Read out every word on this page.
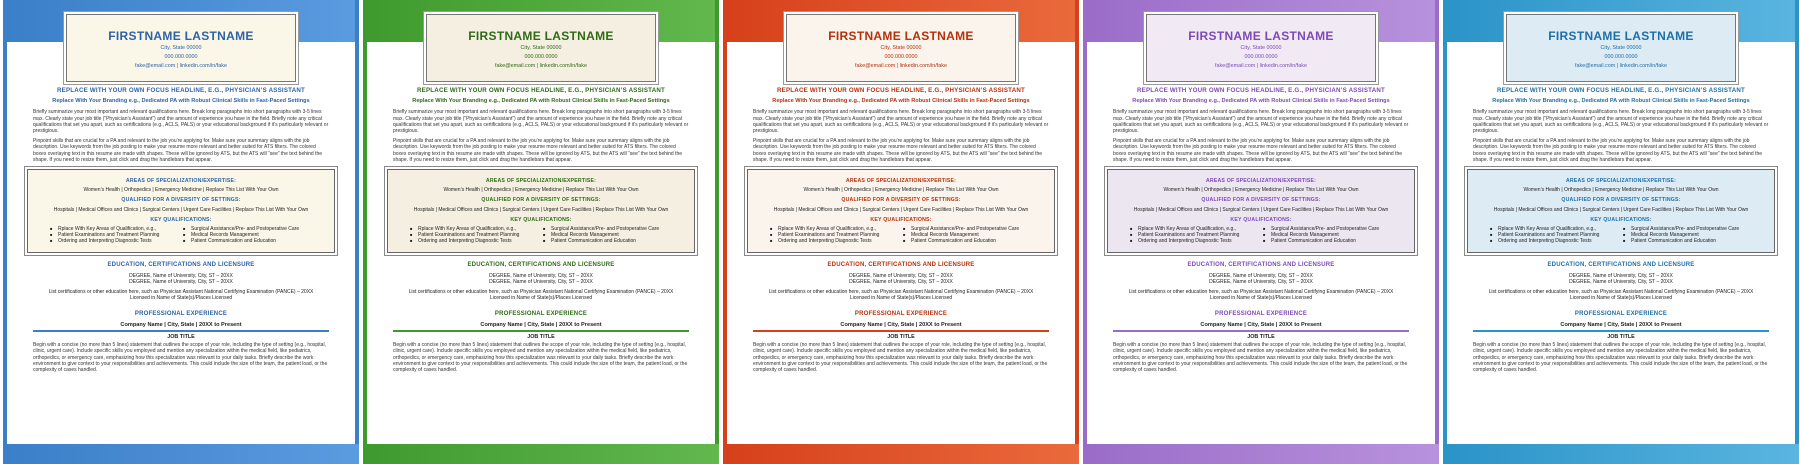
FIRSTNAME LASTNAME
City, State 00000
000.000.0000
fake@email.com | linkedin.com/in/fake
REPLACE WITH YOUR OWN FOCUS HEADLINE, E.G., PHYSICIAN’S ASSISTANT
Replace With Your Branding e.g., Dedicated PA with Robust Clinical Skills in Fast-Paced Settings

Briefly summarize your most important and relevant qualifications here. Break long paragraphs into short paragraphs with 3-5 lines max. Clearly state your job title (“Physician’s Assistant”) and the amount of experience you have in the field. Briefly note any critical qualifications that set you apart, such as certifications (e.g., ACLS, PALS) or your educational background if it’s particularly relevant or prestigious.

Pinpoint skills that are crucial for a PA and relevant to the job you’re applying for. Make sure your summary aligns with the job description. Use keywords from the job posting to make your resume more relevant and better suited for ATS filters. The colored boxes overlaying text in this resume are made with shapes. These will be ignored by ATS, but the ATS will “see” the text behind the shape. If you need to resize them, just click and drag the handlebars that appear.

AREAS OF SPECIALIZATION/EXPERTISE:
Women’s Health | Orthopedics | Emergency Medicine | Replace This List With Your Own
QUALIFIED FOR A DIVERSITY OF SETTINGS:
Hospitals | Medical Offices and Clinics | Surgical Centers | Urgent Care Facilities | Replace This List With Your Own
KEY QUALIFICATIONS:
■ Rplace With Key Areas of Qualification, e.g.,
■ Patient Examinations and Treatment Planning
■ Ordering and Interpreting Diagnostic Tests
■ Surgical Assistance/Pre- and Postoperative Care
■ Medical Records Management
■ Patient Communication and Education
EDUCATION, CERTIFICATIONS AND LICENSURE
DEGREE, Name of University, City, ST – 20XX
DEGREE, Name of University, City, ST – 20XX
List certifications or other education here, such as Physician Assistant National Certifying Examination (PANCE) – 20XX
Licensed in Name of State(s)/Places Licensed
PROFESSIONAL EXPERIENCE
Company Name | City, State | 20XX to Present
JOB TITLE

Begin with a concise (no more than 5 lines) statement that outlines the scope of your role, including the type of setting (e.g., hospital, clinic, urgent care). Include specific skills you employed and mention any specialization within the medical field, like pediatrics, orthopedics, or emergency care, emphasizing how this specialization was relevant to your daily tasks. Briefly describe the work environment to give context to your responsibilities and achievements. This could include the size of the team, the patient load, or the complexity of cases handled.

FIRSTNAME LASTNAME
City, State 00000
000.000.0000
fake@email.com | linkedin.com/in/fake
REPLACE WITH YOUR OWN FOCUS HEADLINE, E.G., PHYSICIAN’S ASSISTANT
Replace With Your Branding e.g., Dedicated PA with Robust Clinical Skills in Fast-Paced Settings

Briefly summarize your most important and relevant qualifications here. Break long paragraphs into short paragraphs with 3-5 lines max. Clearly state your job title (“Physician’s Assistant”) and the amount of experience you have in the field. Briefly note any critical qualifications that set you apart, such as certifications (e.g., ACLS, PALS) or your educational background if it’s particularly relevant or prestigious.

Pinpoint skills that are crucial for a PA and relevant to the job you’re applying for. Make sure your summary aligns with the job description. Use keywords from the job posting to make your resume more relevant and better suited for ATS filters. The colored boxes overlaying text in this resume are made with shapes. These will be ignored by ATS, but the ATS will “see” the text behind the shape. If you need to resize them, just click and drag the handlebars that appear.

AREAS OF SPECIALIZATION/EXPERTISE:
Women’s Health | Orthopedics | Emergency Medicine | Replace This List With Your Own
QUALIFIED FOR A DIVERSITY OF SETTINGS:
Hospitals | Medical Offices and Clinics | Surgical Centers | Urgent Care Facilities | Replace This List With Your Own
KEY QUALIFICATIONS:
■ Rplace With Key Areas of Qualification, e.g.,
■ Patient Examinations and Treatment Planning
■ Ordering and Interpreting Diagnostic Tests
■ Surgical Assistance/Pre- and Postoperative Care
■ Medical Records Management
■ Patient Communication and Education
EDUCATION, CERTIFICATIONS AND LICENSURE
DEGREE, Name of University, City, ST – 20XX
DEGREE, Name of University, City, ST – 20XX
List certifications or other education here, such as Physician Assistant National Certifying Examination (PANCE) – 20XX
Licensed in Name of State(s)/Places Licensed
PROFESSIONAL EXPERIENCE
Company Name | City, State | 20XX to Present
JOB TITLE

Begin with a concise (no more than 5 lines) statement that outlines the scope of your role, including the type of setting (e.g., hospital, clinic, urgent care). Include specific skills you employed and mention any specialization within the medical field, like pediatrics, orthopedics, or emergency care, emphasizing how this specialization was relevant to your daily tasks. Briefly describe the work environment to give context to your responsibilities and achievements. This could include the size of the team, the patient load, or the complexity of cases handled.

FIRSTNAME LASTNAME
City, State 00000
000.000.0000
fake@email.com | linkedin.com/in/fake
REPLACE WITH YOUR OWN FOCUS HEADLINE, E.G., PHYSICIAN’S ASSISTANT
Replace With Your Branding e.g., Dedicated PA with Robust Clinical Skills in Fast-Paced Settings

Briefly summarize your most important and relevant qualifications here. Break long paragraphs into short paragraphs with 3-5 lines max. Clearly state your job title (“Physician’s Assistant”) and the amount of experience you have in the field. Briefly note any critical qualifications that set you apart, such as certifications (e.g., ACLS, PALS) or your educational background if it’s particularly relevant or prestigious.

Pinpoint skills that are crucial for a PA and relevant to the job you’re applying for. Make sure your summary aligns with the job description. Use keywords from the job posting to make your resume more relevant and better suited for ATS filters. The colored boxes overlaying text in this resume are made with shapes. These will be ignored by ATS, but the ATS will “see” the text behind the shape. If you need to resize them, just click and drag the handlebars that appear.

AREAS OF SPECIALIZATION/EXPERTISE:
Women’s Health | Orthopedics | Emergency Medicine | Replace This List With Your Own
QUALIFIED FOR A DIVERSITY OF SETTINGS:
Hospitals | Medical Offices and Clinics | Surgical Centers | Urgent Care Facilities | Replace This List With Your Own
KEY QUALIFICATIONS:
■ Rplace With Key Areas of Qualification, e.g.,
■ Patient Examinations and Treatment Planning
■ Ordering and Interpreting Diagnostic Tests
■ Surgical Assistance/Pre- and Postoperative Care
■ Medical Records Management
■ Patient Communication and Education
EDUCATION, CERTIFICATIONS AND LICENSURE
DEGREE, Name of University, City, ST – 20XX
DEGREE, Name of University, City, ST – 20XX
List certifications or other education here, such as Physician Assistant National Certifying Examination (PANCE) – 20XX
Licensed in Name of State(s)/Places Licensed
PROFESSIONAL EXPERIENCE
Company Name | City, State | 20XX to Present
JOB TITLE

Begin with a concise (no more than 5 lines) statement that outlines the scope of your role, including the type of setting (e.g., hospital, clinic, urgent care). Include specific skills you employed and mention any specialization within the medical field, like pediatrics, orthopedics, or emergency care, emphasizing how this specialization was relevant to your daily tasks. Briefly describe the work environment to give context to your responsibilities and achievements. This could include the size of the team, the patient load, or the complexity of cases handled.

FIRSTNAME LASTNAME
City, State 00000
000.000.0000
fake@email.com | linkedin.com/in/fake
REPLACE WITH YOUR OWN FOCUS HEADLINE, E.G., PHYSICIAN’S ASSISTANT
Replace With Your Branding e.g., Dedicated PA with Robust Clinical Skills in Fast-Paced Settings

Briefly summarize your most important and relevant qualifications here. Break long paragraphs into short paragraphs with 3-5 lines max. Clearly state your job title (“Physician’s Assistant”) and the amount of experience you have in the field. Briefly note any critical qualifications that set you apart, such as certifications (e.g., ACLS, PALS) or your educational background if it’s particularly relevant or prestigious.

Pinpoint skills that are crucial for a PA and relevant to the job you’re applying for. Make sure your summary aligns with the job description. Use keywords from the job posting to make your resume more relevant and better suited for ATS filters. The colored boxes overlaying text in this resume are made with shapes. These will be ignored by ATS, but the ATS will “see” the text behind the shape. If you need to resize them, just click and drag the handlebars that appear.

AREAS OF SPECIALIZATION/EXPERTISE:
Women’s Health | Orthopedics | Emergency Medicine | Replace This List With Your Own
QUALIFIED FOR A DIVERSITY OF SETTINGS:
Hospitals | Medical Offices and Clinics | Surgical Centers | Urgent Care Facilities | Replace This List With Your Own
KEY QUALIFICATIONS:
■ Rplace With Key Areas of Qualification, e.g.,
■ Patient Examinations and Treatment Planning
■ Ordering and Interpreting Diagnostic Tests
■ Surgical Assistance/Pre- and Postoperative Care
■ Medical Records Management
■ Patient Communication and Education
EDUCATION, CERTIFICATIONS AND LICENSURE
DEGREE, Name of University, City, ST – 20XX
DEGREE, Name of University, City, ST – 20XX
List certifications or other education here, such as Physician Assistant National Certifying Examination (PANCE) – 20XX
Licensed in Name of State(s)/Places Licensed
PROFESSIONAL EXPERIENCE
Company Name | City, State | 20XX to Present
JOB TITLE

Begin with a concise (no more than 5 lines) statement that outlines the scope of your role, including the type of setting (e.g., hospital, clinic, urgent care). Include specific skills you employed and mention any specialization within the medical field, like pediatrics, orthopedics, or emergency care, emphasizing how this specialization was relevant to your daily tasks. Briefly describe the work environment to give context to your responsibilities and achievements. This could include the size of the team, the patient load, or the complexity of cases handled.

FIRSTNAME LASTNAME
City, State 00000
000.000.0000
fake@email.com | linkedin.com/in/fake
REPLACE WITH YOUR OWN FOCUS HEADLINE, E.G., PHYSICIAN’S ASSISTANT
Replace With Your Branding e.g., Dedicated PA with Robust Clinical Skills in Fast-Paced Settings

Briefly summarize your most important and relevant qualifications here. Break long paragraphs into short paragraphs with 3-5 lines max. Clearly state your job title (“Physician’s Assistant”) and the amount of experience you have in the field. Briefly note any critical qualifications that set you apart, such as certifications (e.g., ACLS, PALS) or your educational background if it’s particularly relevant or prestigious.

Pinpoint skills that are crucial for a PA and relevant to the job you’re applying for. Make sure your summary aligns with the job description. Use keywords from the job posting to make your resume more relevant and better suited for ATS filters. The colored boxes overlaying text in this resume are made with shapes. These will be ignored by ATS, but the ATS will “see” the text behind the shape. If you need to resize them, just click and drag the handlebars that appear.

AREAS OF SPECIALIZATION/EXPERTISE:
Women’s Health | Orthopedics | Emergency Medicine | Replace This List With Your Own
QUALIFIED FOR A DIVERSITY OF SETTINGS:
Hospitals | Medical Offices and Clinics | Surgical Centers | Urgent Care Facilities | Replace This List With Your Own
KEY QUALIFICATIONS:
■ Rplace With Key Areas of Qualification, e.g.,
■ Patient Examinations and Treatment Planning
■ Ordering and Interpreting Diagnostic Tests
■ Surgical Assistance/Pre- and Postoperative Care
■ Medical Records Management
■ Patient Communication and Education
EDUCATION, CERTIFICATIONS AND LICENSURE
DEGREE, Name of University, City, ST – 20XX
DEGREE, Name of University, City, ST – 20XX
List certifications or other education here, such as Physician Assistant National Certifying Examination (PANCE) – 20XX
Licensed in Name of State(s)/Places Licensed
PROFESSIONAL EXPERIENCE
Company Name | City, State | 20XX to Present
JOB TITLE

Begin with a concise (no more than 5 lines) statement that outlines the scope of your role, including the type of setting (e.g., hospital, clinic, urgent care). Include specific skills you employed and mention any specialization within the medical field, like pediatrics, orthopedics, or emergency care, emphasizing how this specialization was relevant to your daily tasks. Briefly describe the work environment to give context to your responsibilities and achievements. This could include the size of the team, the patient load, or the complexity of cases handled.
